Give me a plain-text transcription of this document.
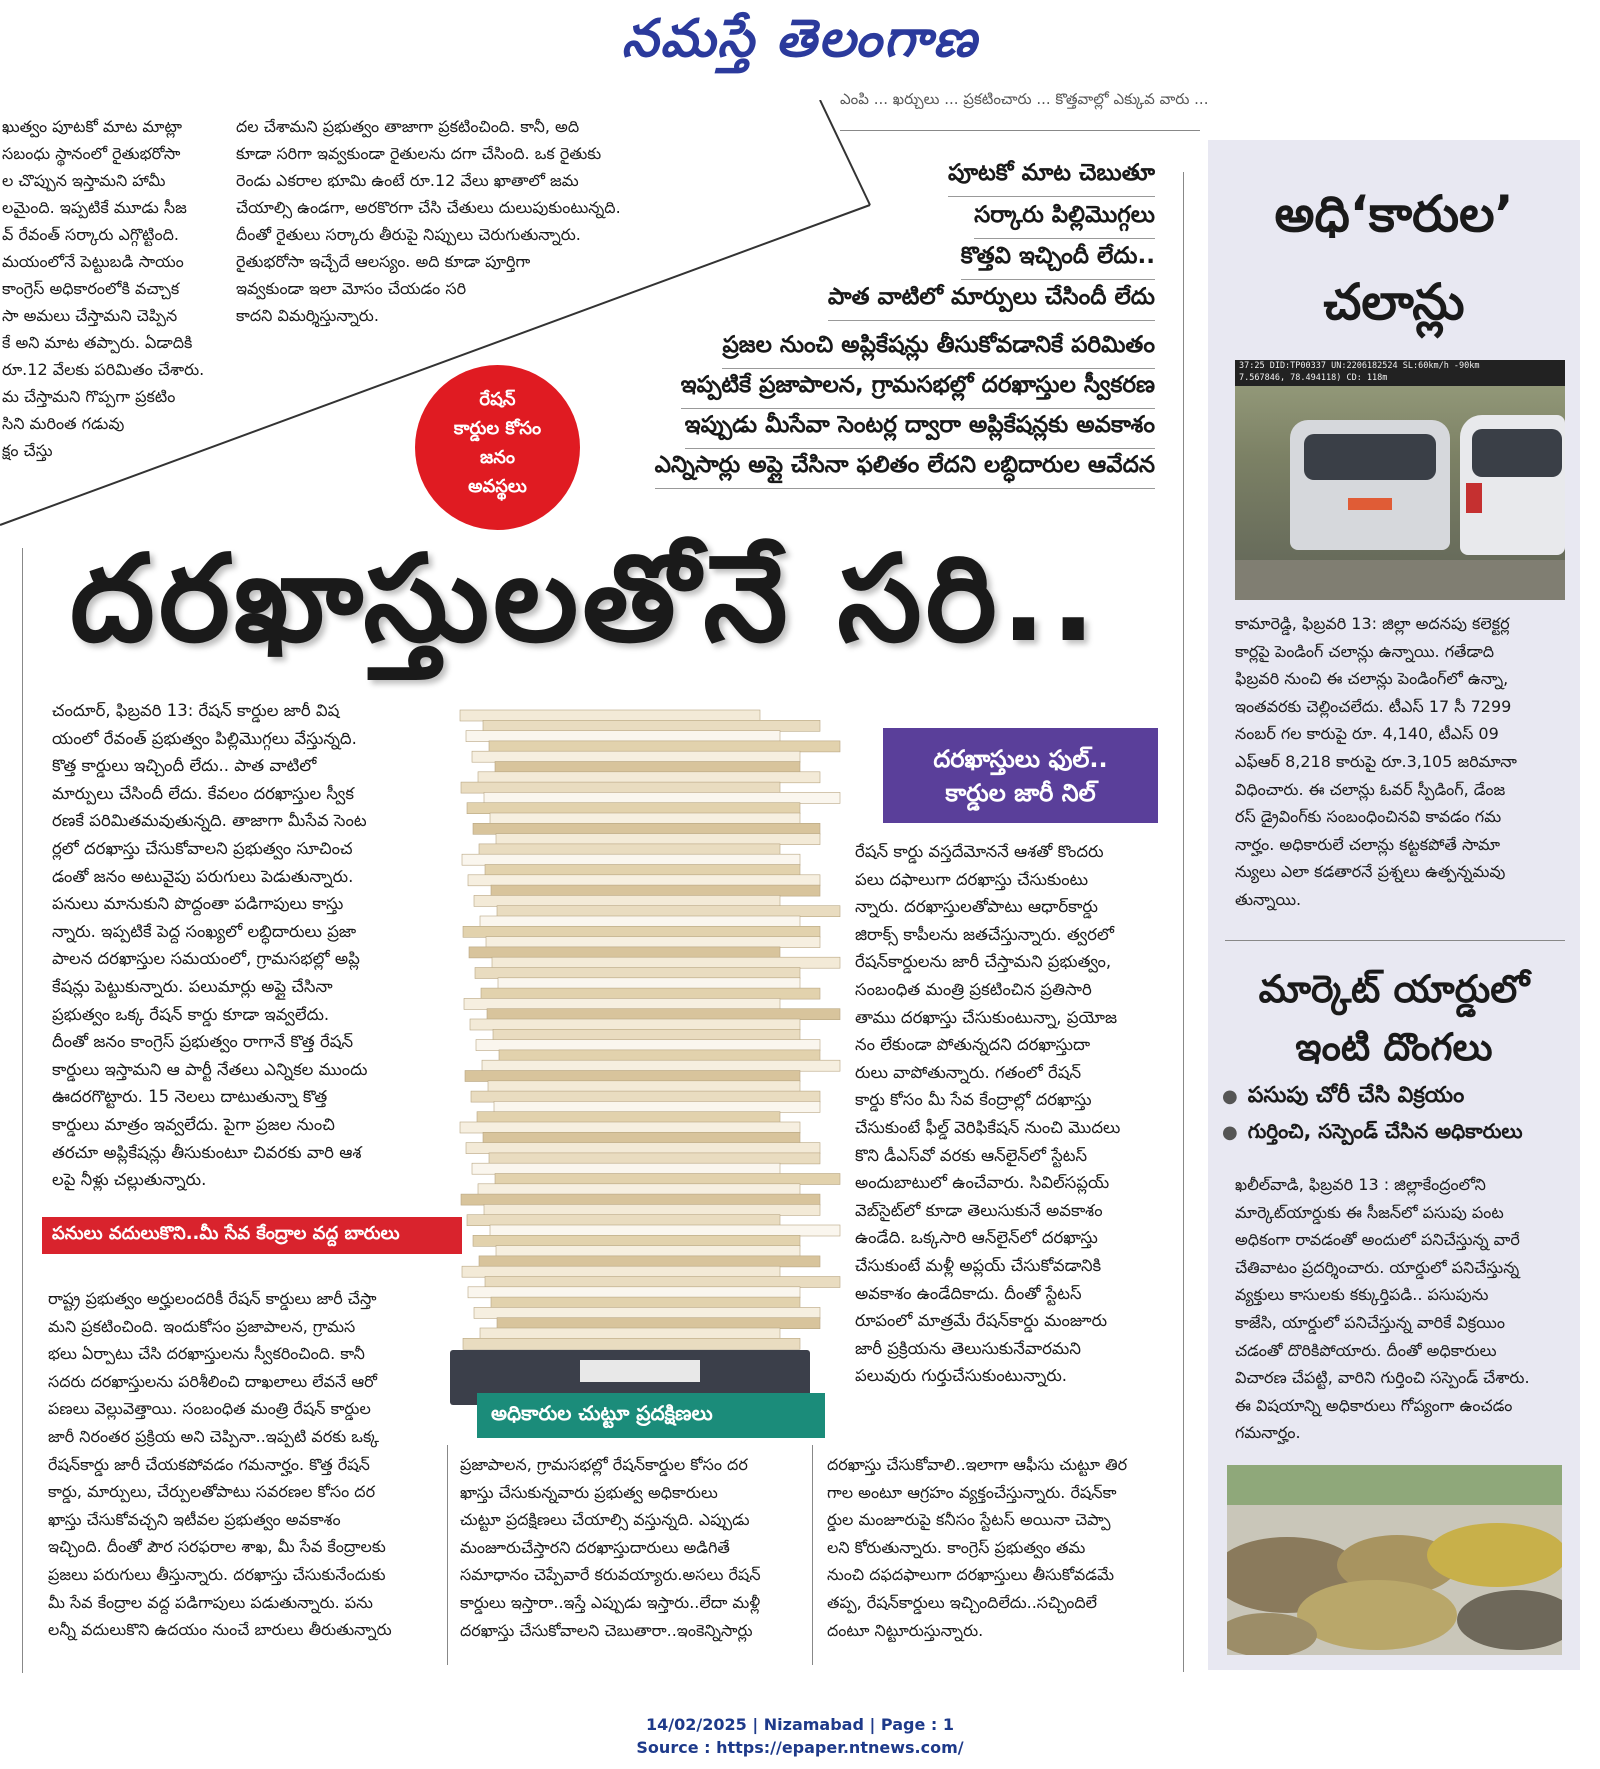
నమస్తే తెలంగాణ
ఎంపి ... ఖర్చులు ... ప్రకటించారు ... కొత్తవాల్లో ఎక్కువ వారు ...
ఖుత్వం పూటకో మాట మాట్లా
సబంధు స్థానంలో రైతుభరోసా
ల చొప్పున ఇస్తామని హామీ
లమైంది. ఇప్పటికే మూడు సీజ
వ్ రేవంత్ సర్కారు ఎగ్గొట్టింది.
మయంలోనే పెట్టుబడి సాయం
కాంగ్రెస్ అధికారంలోకి వచ్చాక
సా అమలు చేస్తామని చెప్పిన
కే అని మాట తప్పారు. ఏడాదికి
రూ.12 వేలకు పరిమితం చేశారు.
మ చేస్తామని గొప్పగా ప్రకటిం
సిని మరింత గడువు
క్షం చేస్తు
దల చేశామని ప్రభుత్వం తాజాగా ప్రకటించింది. కానీ, అది
కూడా సరిగా ఇవ్వకుండా రైతులను దగా చేసింది. ఒక రైతుకు
రెండు ఎకరాల భూమి ఉంటే రూ.12 వేలు ఖాతాలో జమ
చేయాల్సి ఉండగా, అరకొరగా చేసి చేతులు దులుపుకుంటున్నది.
దీంతో రైతులు సర్కారు తీరుపై నిప్పులు చెరుగుతున్నారు.
రైతుభరోసా ఇచ్చేదే ఆలస్యం. అది కూడా పూర్తిగా
ఇవ్వకుండా ఇలా మోసం చేయడం సరి
కాదని విమర్శిస్తున్నారు.
పూటకో మాట చెబుతూ
సర్కారు పిల్లిమొగ్గలు
కొత్తవి ఇచ్చిందీ లేదు..
పాత వాటిలో మార్పులు చేసిందీ లేదు
ప్రజల నుంచి అప్లికేషన్లు తీసుకోవడానికే పరిమితం
ఇప్పటికే ప్రజాపాలన, గ్రామసభల్లో దరఖాస్తుల స్వీకరణ
ఇప్పుడు మీసేవా సెంటర్ల ద్వారా అప్లికేషన్లకు అవకాశం
ఎన్నిసార్లు అప్లై చేసినా ఫలితం లేదని లబ్ధిదారుల ఆవేదన
రేషన్
కార్డుల కోసం
జనం
అవస్థలు
దరఖాస్తులతోనే సరి..
చందూర్, ఫిబ్రవరి 13: రేషన్ కార్డుల జారీ విష
యంలో రేవంత్ ప్రభుత్వం పిల్లిమొగ్గలు వేస్తున్నది.
కొత్త కార్డులు ఇచ్చిందీ లేదు.. పాత వాటిలో
మార్పులు చేసిందీ లేదు. కేవలం దరఖాస్తుల స్వీక
రణకే పరిమితమవుతున్నది. తాజాగా మీసేవ సెంట
ర్లలో దరఖాస్తు చేసుకోవాలని ప్రభుత్వం సూచించ
డంతో జనం అటువైపు పరుగులు పెడుతున్నారు.
పనులు మానుకుని పొద్దంతా పడిగాపులు కాస్తు
న్నారు. ఇప్పటికే పెద్ద సంఖ్యలో లబ్ధిదారులు ప్రజా
పాలన దరఖాస్తుల సమయంలో, గ్రామసభల్లో అప్లి
కేషన్లు పెట్టుకున్నారు. పలుమార్లు అప్లై చేసినా
ప్రభుత్వం ఒక్క రేషన్ కార్డు కూడా ఇవ్వలేదు.
దీంతో జనం కాంగ్రెస్ ప్రభుత్వం రాగానే కొత్త రేషన్
కార్డులు ఇస్తామని ఆ పార్టీ నేతలు ఎన్నికల ముందు
ఊదరగొట్టారు. 15 నెలలు దాటుతున్నా కొత్త
కార్డులు మాత్రం ఇవ్వలేదు. పైగా ప్రజల నుంచి
తరచూ అప్లికేషన్లు తీసుకుంటూ చివరకు వారి ఆశ
లపై నీళ్లు చల్లుతున్నారు.
పనులు వదులుకొని..మీ సేవ కేంద్రాల వద్ద బారులు
రాష్ట్ర ప్రభుత్వం అర్హులందరికీ రేషన్ కార్డులు జారీ చేస్తా
మని ప్రకటించింది. ఇందుకోసం ప్రజాపాలన, గ్రామస
భలు ఏర్పాటు చేసి దరఖాస్తులను స్వీకరించింది. కానీ
సదరు దరఖాస్తులను పరిశీలించి దాఖలాలు లేవనే ఆరో
పణలు వెల్లువెత్తాయి. సంబంధిత మంత్రి రేషన్ కార్డుల
జారీ నిరంతర ప్రక్రియ అని చెప్పినా..ఇప్పటి వరకు ఒక్క
రేషన్‌కార్డు జారీ చేయకపోవడం గమనార్హం. కొత్త రేషన్
కార్డు, మార్పులు, చేర్పులతోపాటు సవరణల కోసం దర
ఖాస్తు చేసుకోవచ్చని ఇటీవల ప్రభుత్వం అవకాశం
ఇచ్చింది. దీంతో పౌర సరఫరాల శాఖ, మీ సేవ కేంద్రాలకు
ప్రజలు పరుగులు తీస్తున్నారు. దరఖాస్తు చేసుకునేందుకు
మీ సేవ కేంద్రాల వద్ద పడిగాపులు పడుతున్నారు. పను
లన్నీ వదులుకొని ఉదయం నుంచే బారులు తీరుతున్నారు
దరఖాస్తులు ఫుల్..
కార్డుల జారీ నిల్
రేషన్ కార్డు వస్తదేమోననే ఆశతో కొందరు
పలు దఫాలుగా దరఖాస్తు చేసుకుంటు
న్నారు. దరఖాస్తులతోపాటు ఆధార్‌కార్డు
జిరాక్స్ కాపీలను జతచేస్తున్నారు. త్వరలో
రేషన్‌కార్డులను జారీ చేస్తామని ప్రభుత్వం,
సంబంధిత మంత్రి ప్రకటించిన ప్రతిసారి
తాము దరఖాస్తు చేసుకుంటున్నా, ప్రయోజ
నం లేకుండా పోతున్నదని దరఖాస్తుదా
రులు వాపోతున్నారు. గతంలో రేషన్
కార్డు కోసం మీ సేవ కేంద్రాల్లో దరఖాస్తు
చేసుకుంటే ఫీల్డ్ వెరిఫికేషన్ నుంచి మొదలు
కొని డీఎస్‌వో వరకు ఆన్‌లైన్‌లో స్టేటస్
అందుబాటులో ఉంచేవారు. సివిల్‌సప్లయ్
వెబ్‌సైట్‌లో కూడా తెలుసుకునే అవకాశం
ఉండేది. ఒక్కసారి ఆన్‌లైన్‌లో దరఖాస్తు
చేసుకుంటే మళ్లీ అప్లయ్ చేసుకోవడానికి
అవకాశం ఉండేదికాదు. దీంతో స్టేటస్
రూపంలో మాత్రమే రేషన్‌కార్డు మంజూరు
జారీ ప్రక్రియను తెలుసుకునేవారమని
పలువురు గుర్తుచేసుకుంటున్నారు.
అధికారుల చుట్టూ ప్రదక్షిణలు
ప్రజాపాలన, గ్రామసభల్లో రేషన్‌కార్డుల కోసం దర
ఖాస్తు చేసుకున్నవారు ప్రభుత్వ అధికారులు
చుట్టూ ప్రదక్షిణలు చేయాల్సి వస్తున్నది. ఎప్పుడు
మంజూరుచేస్తారని దరఖాస్తుదారులు అడిగితే
సమాధానం చెప్పేవారే కరువయ్యారు.అసలు రేషన్
కార్డులు ఇస్తారా..ఇస్తే ఎప్పుడు ఇస్తారు..లేదా మళ్లీ
దరఖాస్తు చేసుకోవాలని చెబుతారా..ఇంకెన్నిసార్లు
దరఖాస్తు చేసుకోవాలి..ఇలాగా ఆఫీసు చుట్టూ తిర
గాల అంటూ ఆగ్రహం వ్యక్తంచేస్తున్నారు. రేషన్‌కా
ర్డుల మంజూరుపై కనీసం స్టేటస్ అయినా చెప్పా
లని కోరుతున్నారు. కాంగ్రెస్ ప్రభుత్వం తమ
నుంచి దఫదఫాలుగా దరఖాస్తులు తీసుకోవడమే
తప్ప, రేషన్‌కార్డులు ఇచ్చిందిలేదు..సచ్చిందిలే
దంటూ నిట్టూరుస్తున్నారు.
అధి‘కారుల’
చలాన్లు
37:25 DID:TP00337 UN:2206182524 SL:60km/h -90km
7.567846, 78.494118) CD: 118m
కామారెడ్డి, ఫిబ్రవరి 13: జిల్లా అదనపు కలెక్టర్ల
కార్లపై పెండింగ్ చలాన్లు ఉన్నాయి. గతేడాది
ఫిబ్రవరి నుంచి ఈ చలాన్లు పెండింగ్‌లో ఉన్నా,
ఇంతవరకు చెల్లించలేదు. టీఎస్ 17 సీ 7299
నంబర్ గల కారుపై రూ. 4,140, టీఎస్ 09
ఎఫ్ఆర్ 8,218 కారుపై రూ.3,105 జరిమానా
విధించారు. ఈ చలాన్లు ఓవర్ స్పీడింగ్, డేంజ
రస్ డ్రైవింగ్‌కు సంబంధించినవి కావడం గమ
నార్హం. అధికారులే చలాన్లు కట్టకపోతే సామా
న్యులు ఎలా కడతారనే ప్రశ్నలు ఉత్పన్నమవు
తున్నాయి.
మార్కెట్ యార్డులో
ఇంటి దొంగలు
● పసుపు చోరీ చేసి విక్రయం
● గుర్తించి, సస్పెండ్ చేసిన అధికారులు
ఖలీల్‌వాడి, ఫిబ్రవరి 13 : జిల్లాకేంద్రంలోని
మార్కెట్‌యార్డుకు ఈ సీజన్‌లో పసుపు పంట
అధికంగా రావడంతో అందులో పనిచేస్తున్న వారే
చేతివాటం ప్రదర్శించారు. యార్డులో పనిచేస్తున్న
వ్యక్తులు కాసులకు కక్కుర్తిపడి.. పసుపును
కాజేసి, యార్డులో పనిచేస్తున్న వారికే విక్రయిం
చడంతో దొరికిపోయారు. దీంతో అధికారులు
విచారణ చేపట్టి, వారిని గుర్తించి సస్పెండ్ చేశారు.
ఈ విషయాన్ని అధికారులు గోప్యంగా ఉంచడం
గమనార్హం.
14/02/2025 | Nizamabad | Page : 1
Source : https://epaper.ntnews.com/
